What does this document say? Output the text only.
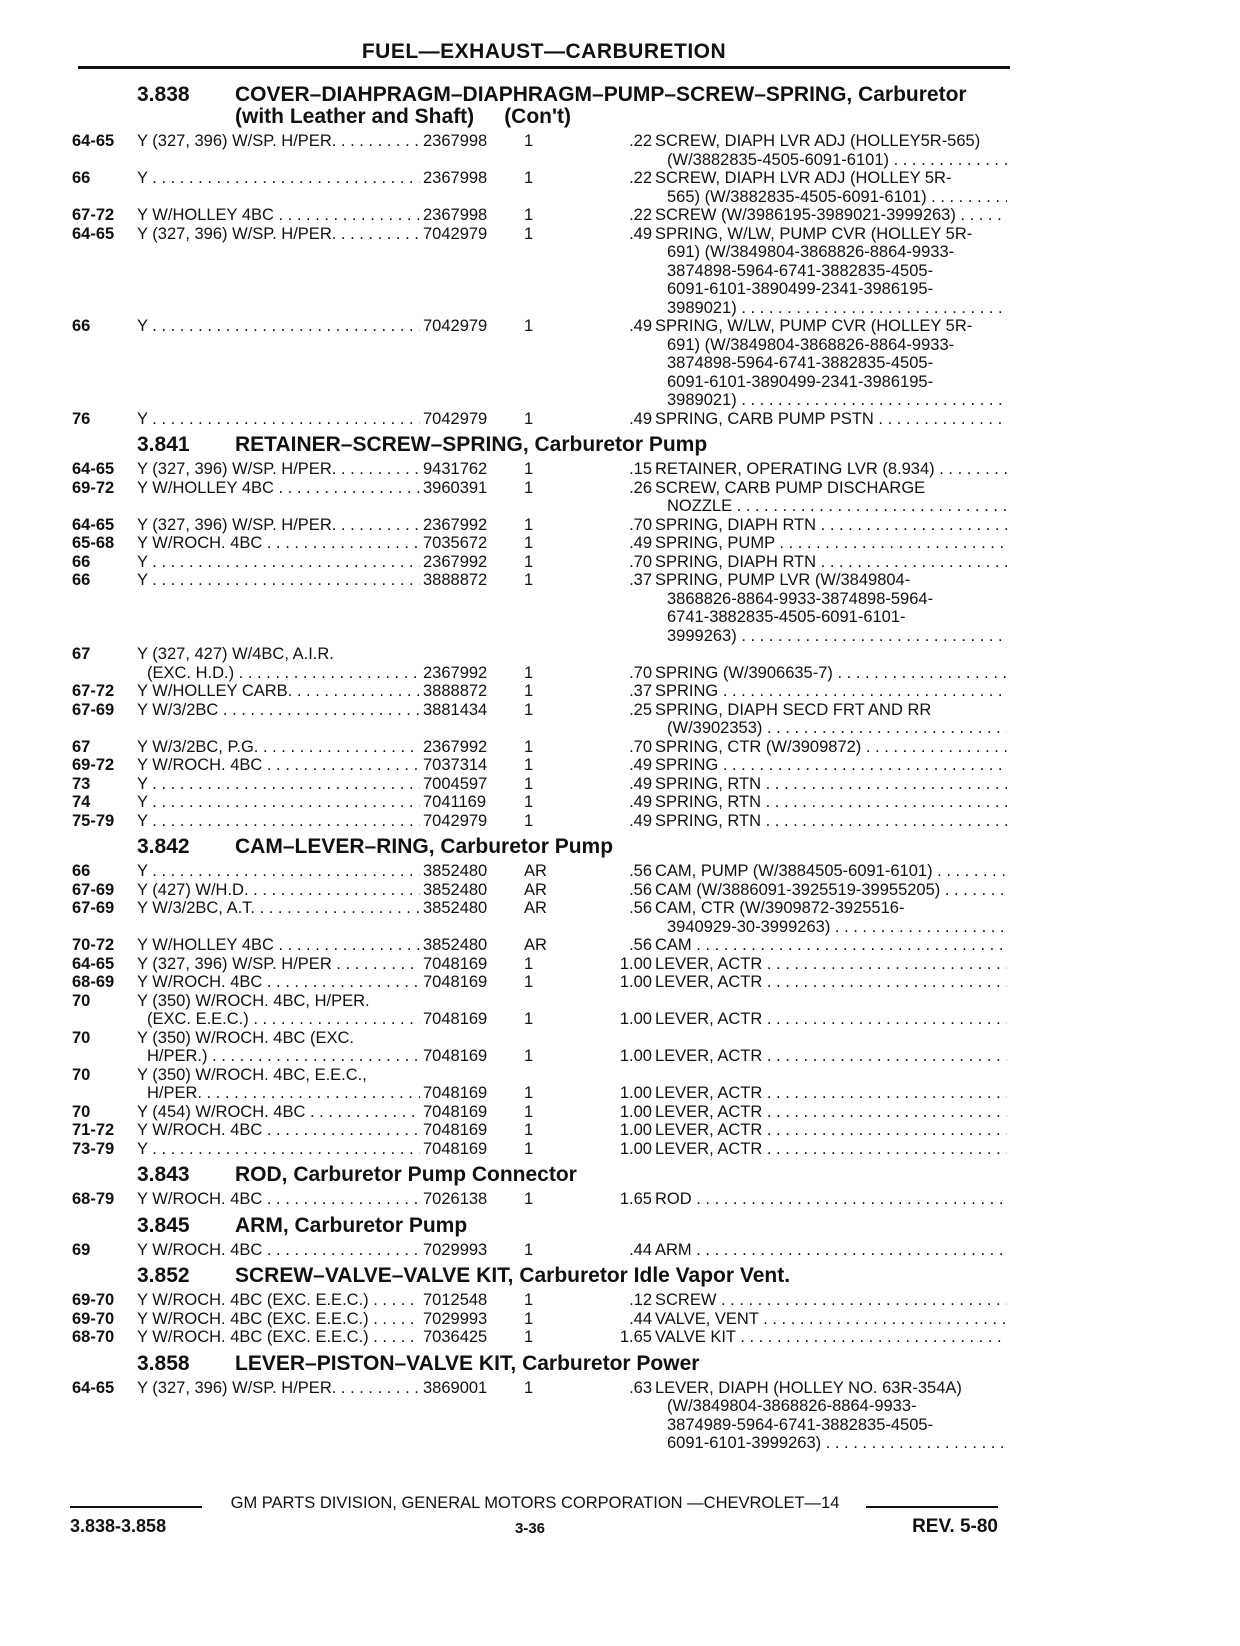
FUEL—EXHAUST—CARBURETION
3.838 COVER–DIAHPRAGM–DIAPHRAGM–PUMP–SCREW–SPRING, Carburetor
(with Leather and Shaft) (Con't)
64-65	Y (327, 396) W/SP. H/PER. . . .	2367998	1	.22 SCREW, DIAPH LVR ADJ (HOLLEY5R-565)
(W/3882835-4505-6091-6101) . . .
66	Y . . .	2367998	1	.22 SCREW, DIAPH LVR ADJ (HOLLEY 5R-
565) (W/3882835-4505-6091-6101) . . .
67-72	Y W/HOLLEY 4BC . . .	2367998	1	.22 SCREW (W/3986195-3989021-3999263) . . .
64-65	Y (327, 396) W/SP. H/PER. . . .	7042979	1	.49 SPRING, W/LW, PUMP CVR (HOLLEY 5R-
691) (W/3849804-3868826-8864-9933-
3874898-5964-6741-3882835-4505-
6091-6101-3890499-2341-3986195-
3989021) . . .
66	Y . . .	7042979	1	.49 SPRING, W/LW, PUMP CVR (HOLLEY 5R-
691) (W/3849804-3868826-8864-9933-
3874898-5964-6741-3882835-4505-
6091-6101-3890499-2341-3986195-
3989021) . . .
76	Y . . .	7042979	1	.49 SPRING, CARB PUMP PSTN . . .
3.841 RETAINER–SCREW–SPRING, Carburetor Pump
64-65	Y (327, 396) W/SP. H/PER. . . .	9431762	1	.15 RETAINER, OPERATING LVR (8.934) . . .
69-72	Y W/HOLLEY 4BC . . .	3960391	1	.26 SCREW, CARB PUMP DISCHARGE
NOZZLE . . .
64-65	Y (327, 396) W/SP. H/PER. . . .	2367992	1	.70 SPRING, DIAPH RTN . . .
65-68	Y W/ROCH. 4BC . . .	7035672	1	.49 SPRING, PUMP . . .
66	Y . . .	2367992	1	.70 SPRING, DIAPH RTN . . .
66	Y . . .	3888872	1	.37 SPRING, PUMP LVR (W/3849804-
3868826-8864-9933-3874898-5964-
6741-3882835-4505-6091-6101-
3999263) . . .
67	Y (327, 427) W/4BC, A.I.R.
(EXC. H.D.) . . .	2367992	1	.70 SPRING (W/3906635-7) . . .
67-72	Y W/HOLLEY CARB. . . .	3888872	1	.37 SPRING . . .
67-69	Y W/3/2BC . . .	3881434	1	.25 SPRING, DIAPH SECD FRT AND RR
(W/3902353) . . .
67	Y W/3/2BC, P.G. . . .	2367992	1	.70 SPRING, CTR (W/3909872) . . .
69-72	Y W/ROCH. 4BC . . .	7037314	1	.49 SPRING . . .
73	Y . . .	7004597	1	.49 SPRING, RTN . . .
74	Y . . .	7041169	1	.49 SPRING, RTN . . .
75-79	Y . . .	7042979	1	.49 SPRING, RTN . . .
3.842 CAM–LEVER–RING, Carburetor Pump
66	Y . . .	3852480	AR	.56 CAM, PUMP (W/3884505-6091-6101) . . .
67-69	Y (427) W/H.D. . . .	3852480	AR	.56 CAM (W/3886091-3925519-39955205) . . .
67-69	Y W/3/2BC, A.T. . . .	3852480	AR	.56 CAM, CTR (W/3909872-3925516-
3940929-30-3999263) . . .
70-72	Y W/HOLLEY 4BC . . .	3852480	AR	.56 CAM . . .
64-65	Y (327, 396) W/SP. H/PER . . .	7048169	1	1.00 LEVER, ACTR . . .
68-69	Y W/ROCH. 4BC . . .	7048169	1	1.00 LEVER, ACTR . . .
70	Y (350) W/ROCH. 4BC, H/PER.
(EXC. E.E.C.) . . .	7048169	1	1.00 LEVER, ACTR . . .
70	Y (350) W/ROCH. 4BC (EXC.
H/PER.) . . .	7048169	1	1.00 LEVER, ACTR . . .
70	Y (350) W/ROCH. 4BC, E.E.C.,
H/PER. . . .	7048169	1	1.00 LEVER, ACTR . . .
70	Y (454) W/ROCH. 4BC . . .	7048169	1	1.00 LEVER, ACTR . . .
71-72	Y W/ROCH. 4BC . . .	7048169	1	1.00 LEVER, ACTR . . .
73-79	Y . . .	7048169	1	1.00 LEVER, ACTR . . .
3.843 ROD, Carburetor Pump Connector
68-79	Y W/ROCH. 4BC . . .	7026138	1	1.65 ROD . . .
3.845 ARM, Carburetor Pump
69	Y W/ROCH. 4BC . . .	7029993	1	.44 ARM . . .
3.852 SCREW–VALVE–VALVE KIT, Carburetor Idle Vapor Vent.
69-70	Y W/ROCH. 4BC (EXC. E.E.C.) . . .	7012548	1	.12 SCREW . . .
69-70	Y W/ROCH. 4BC (EXC. E.E.C.) . . .	7029993	1	.44 VALVE, VENT . . .
68-70	Y W/ROCH. 4BC (EXC. E.E.C.) . . .	7036425	1	1.65 VALVE KIT . . .
3.858 LEVER–PISTON–VALVE KIT, Carburetor Power
64-65	Y (327, 396) W/SP. H/PER. . . .	3869001	1	.63 LEVER, DIAPH (HOLLEY NO. 63R-354A)
(W/3849804-3868826-8864-9933-
3874989-5964-6741-3882835-4505-
6091-6101-3999263) . . .
GM PARTS DIVISION, GENERAL MOTORS CORPORATION —CHEVROLET—14
3.838-3.858	3-36	REV. 5-80
